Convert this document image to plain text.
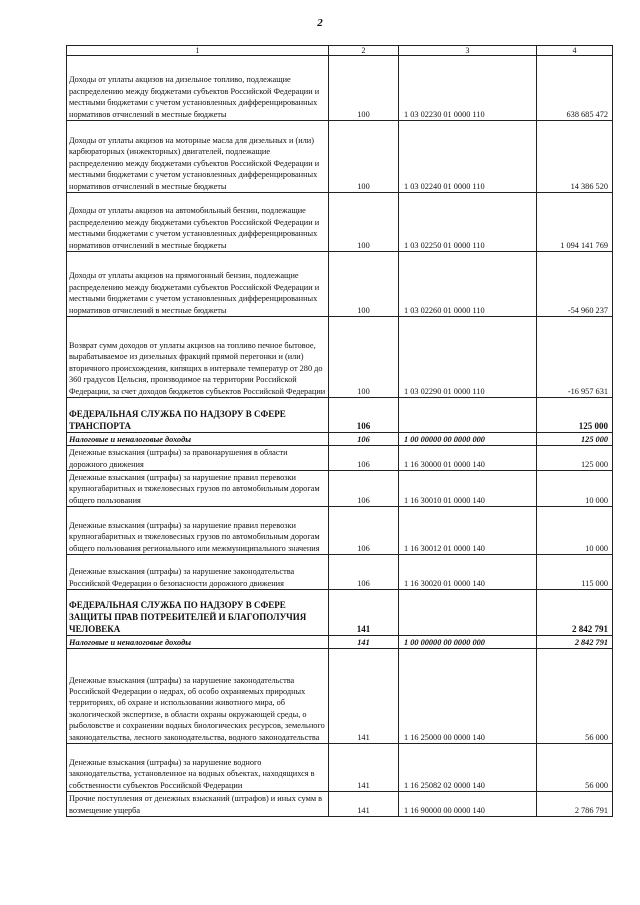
2
1	2	3	4
Доходы от уплаты акцизов на дизельное топливо, подлежащие распределению между бюджетами субъектов Российской Федерации и местными бюджетами с учетом установленных дифференцированных нормативов отчислений в местные бюджеты	100	1 03 02230 01 0000 110	638 685 472
Доходы от уплаты акцизов на моторные масла для дизельных и (или) карбюраторных (инжекторных) двигателей, подлежащие распределению между бюджетами субъектов Российской Федерации и местными бюджетами с учетом установленных дифференцированных нормативов отчислений в местные бюджеты	100	1 03 02240 01 0000 110	14 386 520
Доходы от уплаты акцизов на автомобильный бензин, подлежащие распределению между бюджетами субъектов Российской Федерации и местными бюджетами с учетом установленных дифференцированных нормативов отчислений в местные бюджеты	100	1 03 02250 01 0000 110	1 094 141 769
Доходы от уплаты акцизов на прямогонный бензин, подлежащие распределению между бюджетами субъектов Российской Федерации и местными бюджетами с учетом установленных дифференцированных нормативов отчислений в местные бюджеты	100	1 03 02260 01 0000 110	-54 960 237
Возврат сумм доходов от уплаты акцизов на топливо печное бытовое, вырабатываемое из дизельных фракций прямой перегонки и (или) вторичного происхождения, кипящих в интервале температур от 280 до 360 градусов Цельсия, производимое на территории Российской Федерации, за счет доходов бюджетов субъектов Российской Федерации	100	1 03 02290 01 0000 110	-16 957 631
ФЕДЕРАЛЬНАЯ СЛУЖБА ПО НАДЗОРУ В СФЕРЕ ТРАНСПОРТА	106		125 000
Налоговые и неналоговые доходы	106	1 00 00000 00 0000 000	125 000
Денежные взыскания (штрафы) за правонарушения в области дорожного движения	106	1 16 30000 01 0000 140	125 000
Денежные взыскания (штрафы) за нарушение правил перевозки крупногабаритных и тяжеловесных грузов по автомобильным дорогам общего пользования	106	1 16 30010 01 0000 140	10 000
Денежные взыскания (штрафы) за нарушение правил перевозки крупногабаритных и тяжеловесных грузов по автомобильным дорогам общего пользования регионального или межмуниципального значения	106	1 16 30012 01 0000 140	10 000
Денежные взыскания (штрафы) за нарушение законодательства Российской Федерации о безопасности дорожного движения	106	1 16 30020 01 0000 140	115 000
ФЕДЕРАЛЬНАЯ СЛУЖБА ПО НАДЗОРУ В СФЕРЕ ЗАЩИТЫ ПРАВ ПОТРЕБИТЕЛЕЙ И БЛАГОПОЛУЧИЯ ЧЕЛОВЕКА	141		2 842 791
Налоговые и неналоговые доходы	141	1 00 00000 00 0000 000	2 842 791
Денежные взыскания (штрафы) за нарушение законодательства Российской Федерации о недрах, об особо охраняемых природных территориях, об охране и использовании животного мира, об экологической экспертизе, в области охраны окружающей среды, о рыболовстве и сохранении водных биологических ресурсов, земельного законодательства, лесного законодательства, водного законодательства	141	1 16 25000 00 0000 140	56 000
Денежные взыскания (штрафы) за нарушение водного законодательства, установленное на водных объектах, находящихся в собственности субъектов Российской Федерации	141	1 16 25082 02 0000 140	56 000
Прочие поступления от денежных взысканий (штрафов) и иных сумм в возмещение ущерба	141	1 16 90000 00 0000 140	2 786 791
